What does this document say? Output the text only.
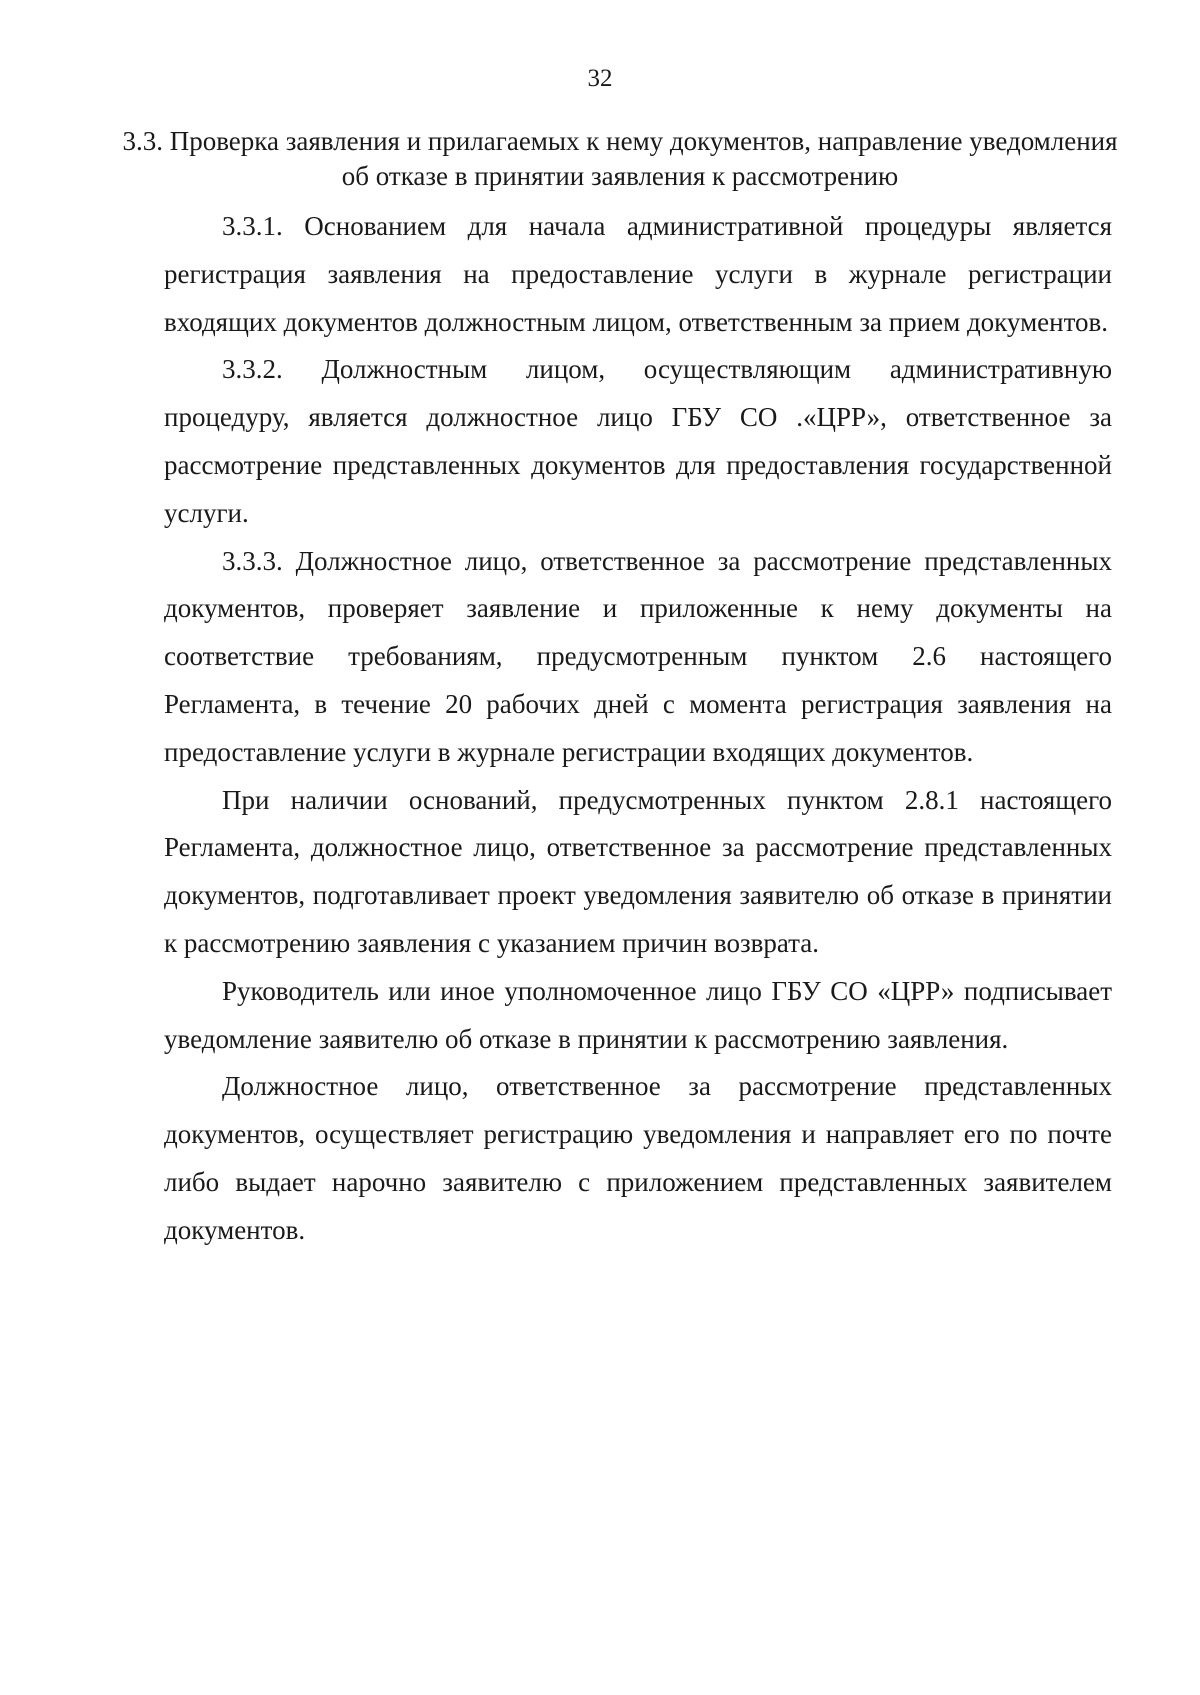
32
3.3. Проверка заявления и прилагаемых к нему документов, направление уведомления об отказе в принятии заявления к рассмотрению

3.3.1. Основанием для начала административной процедуры является регистрация заявления на предоставление услуги в журнале регистрации входящих документов должностным лицом, ответственным за прием документов.

3.3.2. Должностным лицом, осуществляющим административную процедуру, является должностное лицо ГБУ СО .«ЦРР», ответственное за рассмотрение представленных документов для предоставления государственной услуги.

3.3.3. Должностное лицо, ответственное за рассмотрение представленных документов, проверяет заявление и приложенные к нему документы на соответствие требованиям, предусмотренным пунктом 2.6 настоящего Регламента, в течение 20 рабочих дней с момента регистрация заявления на предоставление услуги в журнале регистрации входящих документов.

При наличии оснований, предусмотренных пунктом 2.8.1 настоящего Регламента, должностное лицо, ответственное за рассмотрение представленных документов, подготавливает проект уведомления заявителю об отказе в принятии к рассмотрению заявления с указанием причин возврата.

Руководитель или иное уполномоченное лицо ГБУ СО «ЦРР» подписывает уведомление заявителю об отказе в принятии к рассмотрению заявления.

Должностное лицо, ответственное за рассмотрение представленных документов, осуществляет регистрацию уведомления и направляет его по почте либо выдает нарочно заявителю с приложением представленных заявителем документов.
